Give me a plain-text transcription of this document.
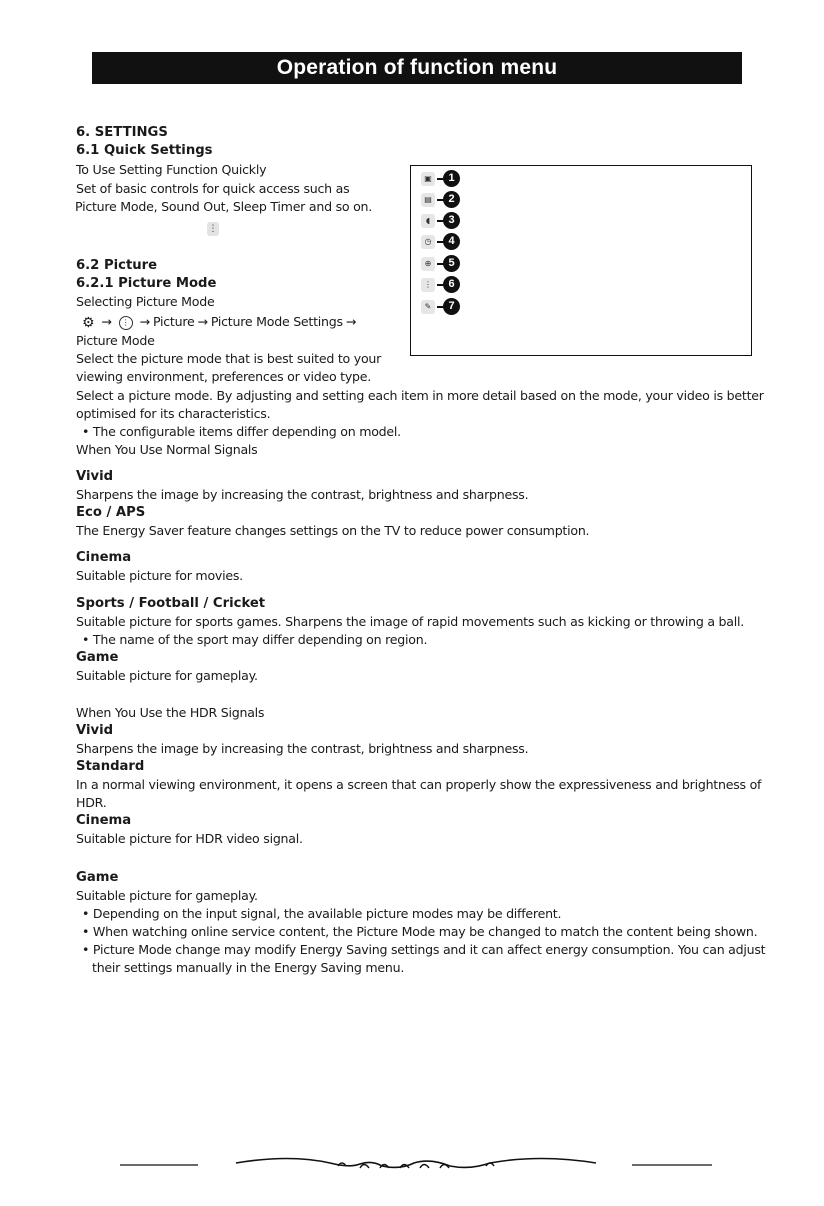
Operation of function menu
6. SETTINGS
6.1 Quick Settings
To Use Setting Function Quickly
Set of basic controls for quick access such as
Picture Mode, Sound Out, Sleep Timer and so on.
⋮
6.2 Picture
6.2.1 Picture Mode
Selecting Picture Mode
⚙ → ⋮ → Picture → Picture Mode Settings →
Picture Mode
Select the picture mode that is best suited to your
viewing environment, preferences or video type.
Select a picture mode. By adjusting and setting each item in more detail based on the mode, your video is better
optimised for its characteristics.
• The configurable items differ depending on model.
When You Use Normal Signals
Vivid
Sharpens the image by increasing the contrast, brightness and sharpness.
Eco / APS
The Energy Saver feature changes settings on the TV to reduce power consumption.
Cinema
Suitable picture for movies.
Sports / Football / Cricket
Suitable picture for sports games. Sharpens the image of rapid movements such as kicking or throwing a ball.
• The name of the sport may differ depending on region.
Game
Suitable picture for gameplay.
When You Use the HDR Signals
Vivid
Sharpens the image by increasing the contrast, brightness and sharpness.
Standard
In a normal viewing environment, it opens a screen that can properly show the expressiveness and brightness of
HDR.
Cinema
Suitable picture for HDR video signal.
Game
Suitable picture for gameplay.
• Depending on the input signal, the available picture modes may be different.
• When watching online service content, the Picture Mode may be changed to match the content being shown.
• Picture Mode change may modify Energy Saving settings and it can affect energy consumption. You can adjust
their settings manually in the Energy Saving menu.
▣	1
▤	2
◖	3
◷	4
⊕	5
⋮	6
✎	7
